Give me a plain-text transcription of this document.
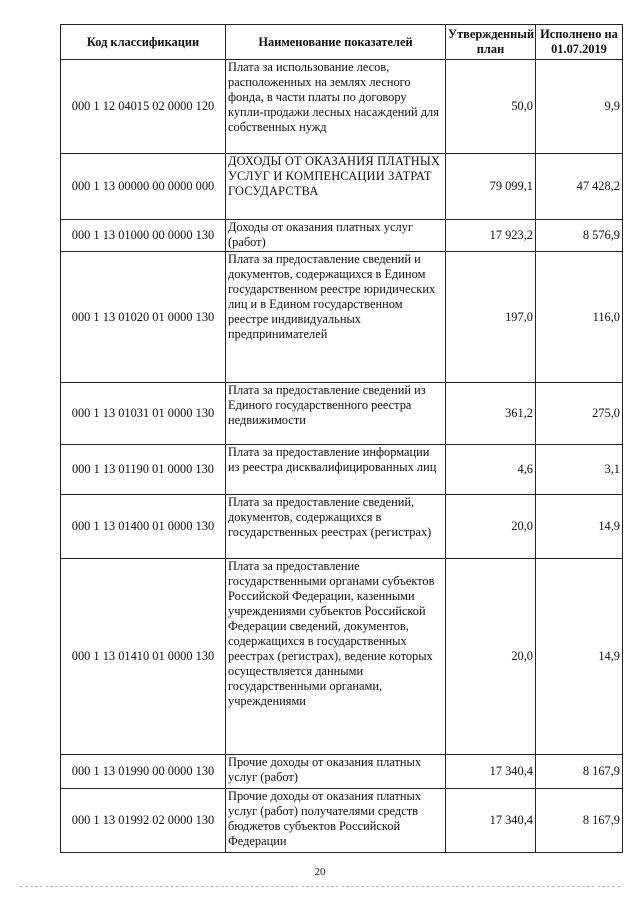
Код классификации	Наименование показателей	Утвержденный план	Исполнено на 01.07.2019
000 1 12 04015 02 0000 120	Плата за использование лесов, расположенных на землях лесного фонда, в части платы по договору купли-продажи лесных насаждений для собственных нужд	50,0	9,9
000 1 13 00000 00 0000 000	ДОХОДЫ ОТ ОКАЗАНИЯ ПЛАТНЫХ УСЛУГ И КОМПЕНСАЦИИ ЗАТРАТ ГОСУДАРСТВА	79 099,1	47 428,2
000 1 13 01000 00 0000 130	Доходы от оказания платных услуг (работ)	17 923,2	8 576,9
000 1 13 01020 01 0000 130	Плата за предоставление сведений и документов, содержащихся в Едином государственном реестре юридических лиц и в Едином государственном реестре индивидуальных предпринимателей	197,0	116,0
000 1 13 01031 01 0000 130	Плата за предоставление сведений из Единого государственного реестра недвижимости	361,2	275,0
000 1 13 01190 01 0000 130	Плата за предоставление информации из реестра дисквалифицированных лиц	4,6	3,1
000 1 13 01400 01 0000 130	Плата за предоставление сведений, документов, содержащихся в государственных реестрах (регистрах)	20,0	14,9
000 1 13 01410 01 0000 130	Плата за предоставление государственными органами субъектов Российской Федерации, казенными учреждениями субъектов Российской Федерации сведений, документов, содержащихся в государственных реестрах (регистрах), ведение которых осуществляется данными государственными органами, учреждениями	20,0	14,9
000 1 13 01990 00 0000 130	Прочие доходы от оказания платных услуг (работ)	17 340,4	8 167,9
000 1 13 01992 02 0000 130	Прочие доходы от оказания платных услуг (работ) получателями средств бюджетов субъектов Российской Федерации	17 340,4	8 167,9
20
